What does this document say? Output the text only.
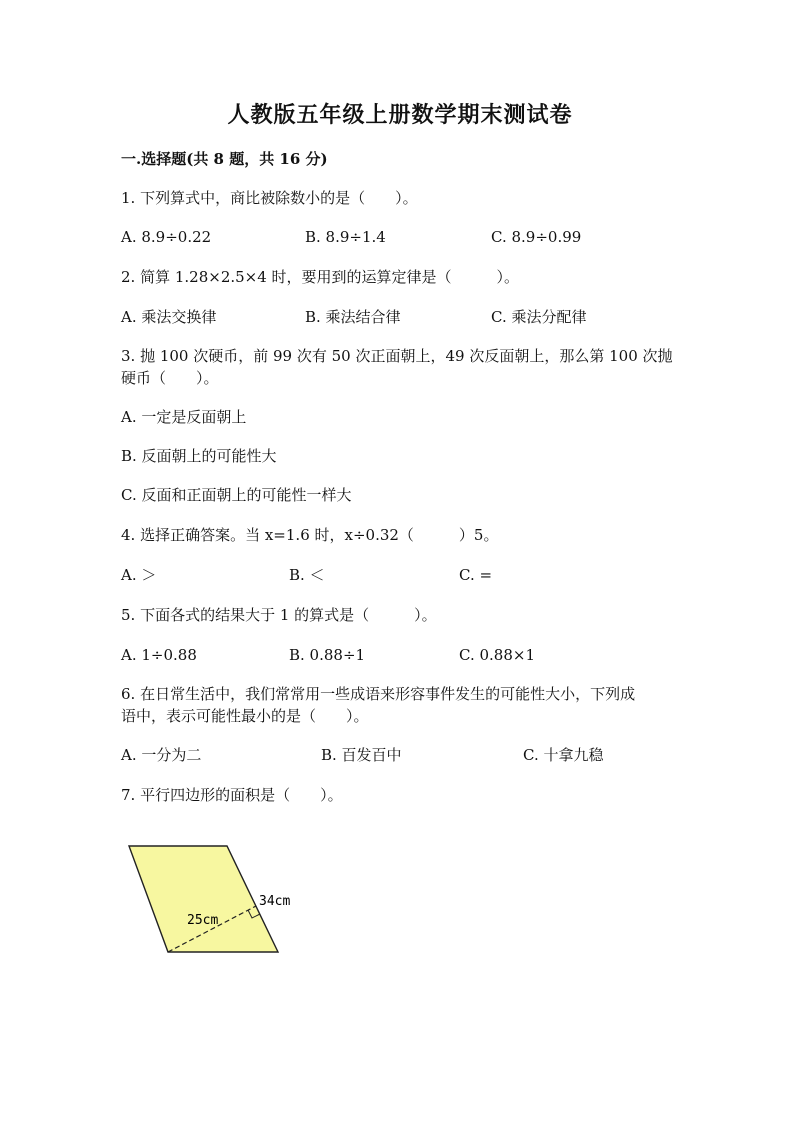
人教版五年级上册数学期末测试卷
一.选择题(共 8 题，共 16 分)
1. 下列算式中，商比被除数小的是（　　）。
A. 8.9÷0.22	B. 8.9÷1.4	C. 8.9÷0.99
2. 简算 1.28×2.5×4 时，要用到的运算定律是（　　　）。
A. 乘法交换律	B. 乘法结合律	C. 乘法分配律
3. 抛 100 次硬币，前 99 次有 50 次正面朝上，49 次反面朝上，那么第 100 次抛
硬币（　　）。
A. 一定是反面朝上
B. 反面朝上的可能性大
C. 反面和正面朝上的可能性一样大
4. 选择正确答案。当 x=1.6 时，x÷0.32（　　　）5。
A. ＞	B. ＜	C. =
5. 下面各式的结果大于 1 的算式是（　　　）。
A. 1÷0.88	B. 0.88÷1	C. 0.88×1
6. 在日常生活中，我们常常用一些成语来形容事件发生的可能性大小，下列成
语中，表示可能性最小的是（　　）。
A. 一分为二	B. 百发百中	C. 十拿九稳
7. 平行四边形的面积是（　　）。
25cm
34cm
